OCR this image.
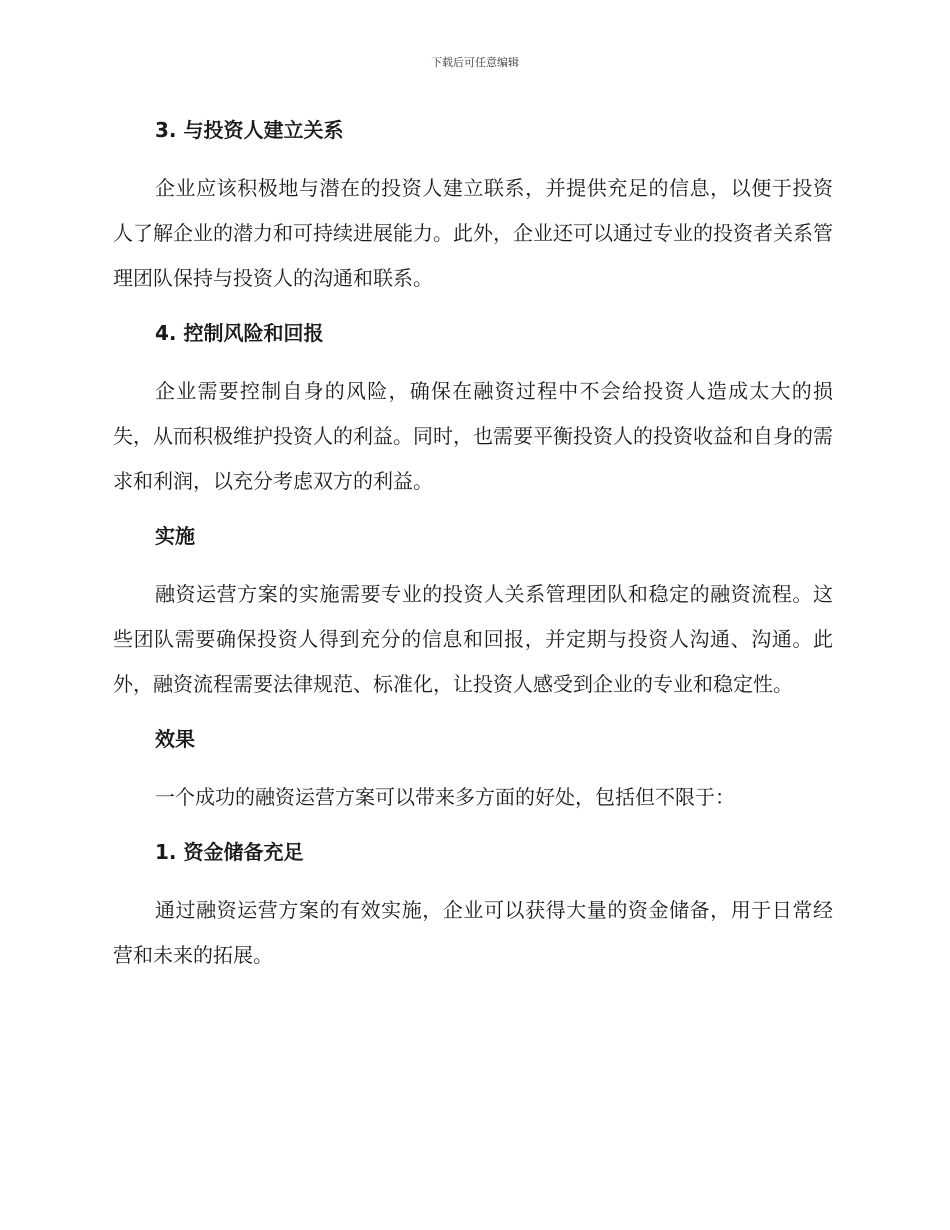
下载后可任意编辑
3. 与投资人建立关系

企业应该积极地与潜在的投资人建立联系，并提供充足的信息，以便于投资人了解企业的潜力和可持续进展能力。此外，企业还可以通过专业的投资者关系管理团队保持与投资人的沟通和联系。

4. 控制风险和回报

企业需要控制自身的风险，确保在融资过程中不会给投资人造成太大的损失，从而积极维护投资人的利益。同时，也需要平衡投资人的投资收益和自身的需求和利润，以充分考虑双方的利益。

实施

融资运营方案的实施需要专业的投资人关系管理团队和稳定的融资流程。这些团队需要确保投资人得到充分的信息和回报，并定期与投资人沟通、沟通。此外，融资流程需要法律规范、标准化，让投资人感受到企业的专业和稳定性。

效果

一个成功的融资运营方案可以带来多方面的好处，包括但不限于：

1. 资金储备充足

通过融资运营方案的有效实施，企业可以获得大量的资金储备，用于日常经营和未来的拓展。
